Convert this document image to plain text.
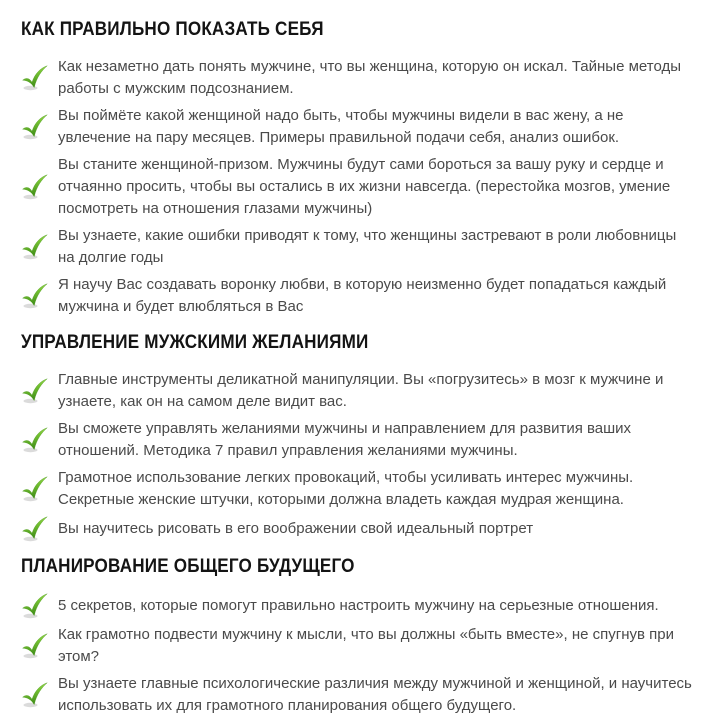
КАК ПРАВИЛЬНО ПОКАЗАТЬ СЕБЯ

Как незаметно дать понять мужчине, что вы женщина, которую он искал. Тайные методы работы с мужским подсознанием.

Вы поймёте какой женщиной надо быть, чтобы мужчины видели в вас жену, а не увлечение на пару месяцев. Примеры правильной подачи себя, анализ ошибок.

Вы станите женщиной-призом. Мужчины будут сами бороться за вашу руку и сердце и отчаянно просить, чтобы вы остались в их жизни навсегда. (перестойка мозгов, умение посмотреть на отношения глазами мужчины)

Вы узнаете, какие ошибки приводят к тому, что женщины застревают в роли любовницы на долгие годы

Я научу Вас создавать воронку любви, в которую неизменно будет попадаться каждый мужчина и будет влюбляться в Вас

УПРАВЛЕНИЕ МУЖСКИМИ ЖЕЛАНИЯМИ

Главные инструменты деликатной манипуляции. Вы «погрузитесь» в мозг к мужчине и узнаете, как он на самом деле видит вас.

Вы сможете управлять желаниями мужчины и направлением для развития ваших отношений. Методика 7 правил управления желаниями мужчины.

Грамотное использование легких провокаций, чтобы усиливать интерес мужчины. Секретные женские штучки, которыми должна владеть каждая мудрая женщина.

Вы научитесь рисовать в его воображении свой идеальный портрет

ПЛАНИРОВАНИЕ ОБЩЕГО БУДУЩЕГО

5 секретов, которые помогут правильно настроить мужчину на серьезные отношения.

Как грамотно подвести мужчину к мысли, что вы должны «быть вместе», не спугнув при этом?

Вы узнаете главные психологические различия между мужчиной и женщиной, и научитесь использовать их для грамотного планирования общего будущего.
